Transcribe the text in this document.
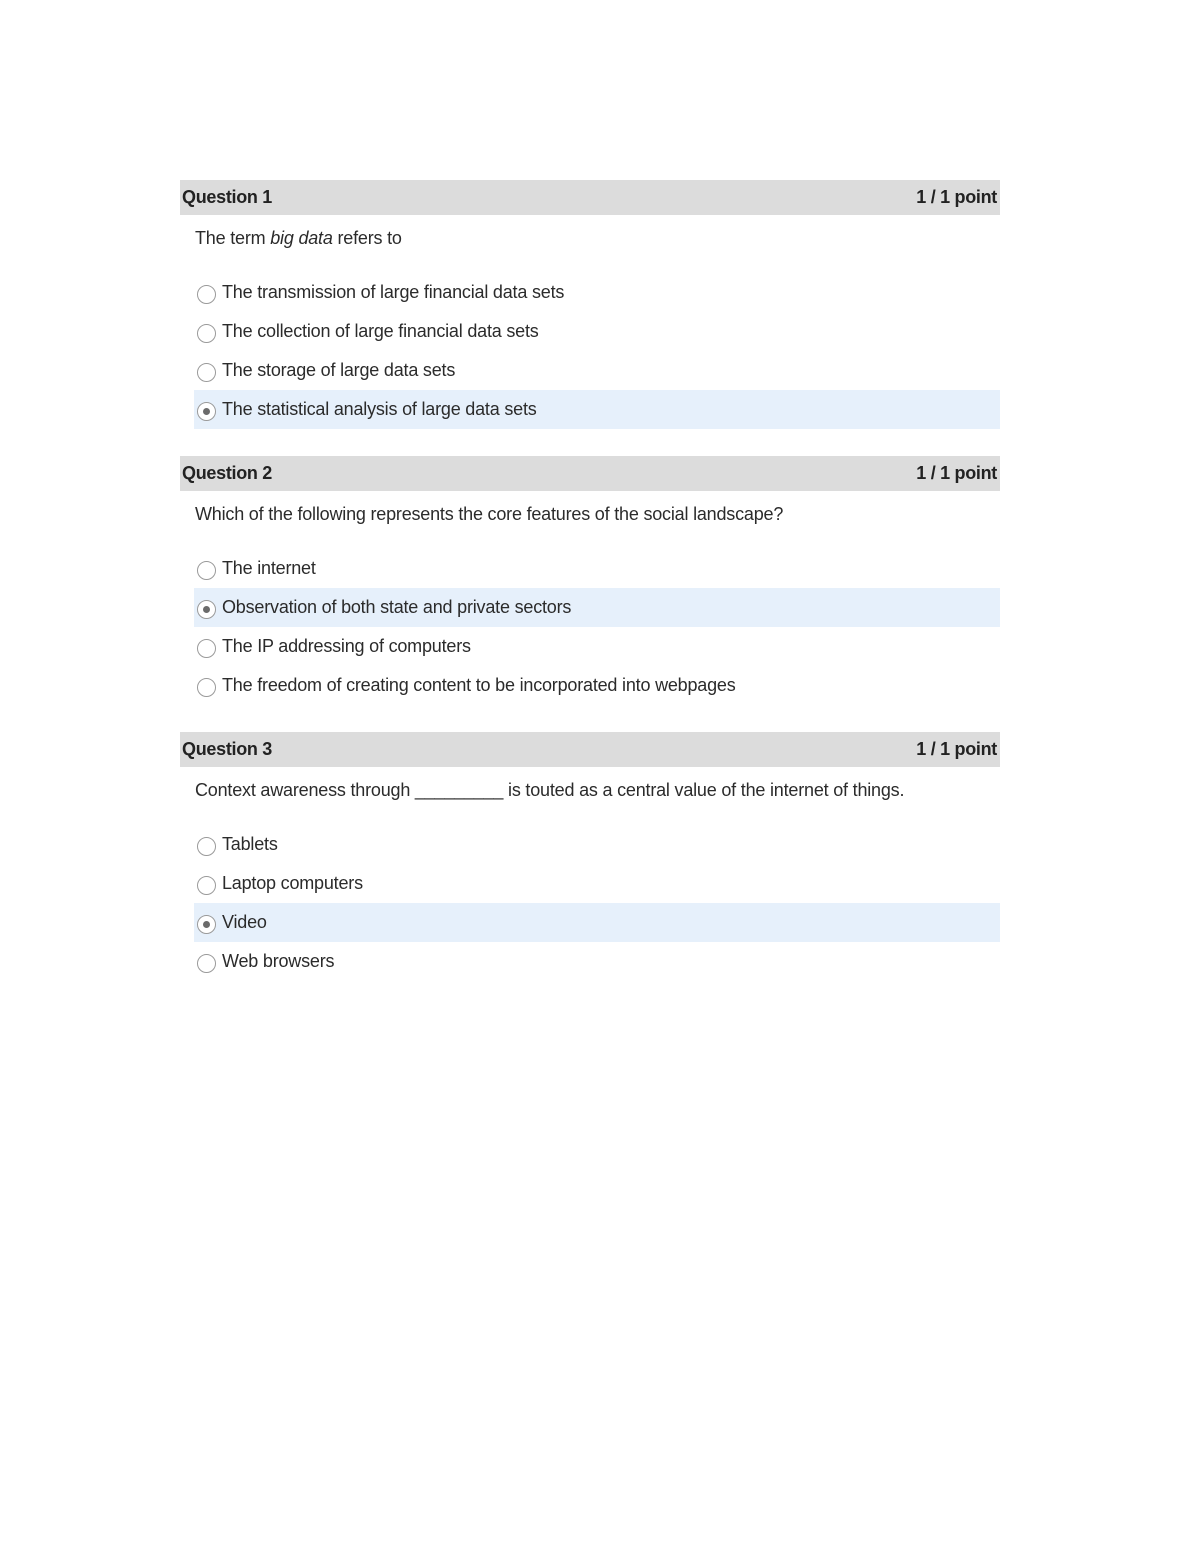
Question 1	1 / 1 point
The term big data refers to
The transmission of large financial data sets
The collection of large financial data sets
The storage of large data sets
The statistical analysis of large data sets
Question 2	1 / 1 point
Which of the following represents the core features of the social landscape?
The internet
Observation of both state and private sectors
The IP addressing of computers
The freedom of creating content to be incorporated into webpages
Question 3	1 / 1 point
Context awareness through _________ is touted as a central value of the internet of things.
Tablets
Laptop computers
Video
Web browsers
